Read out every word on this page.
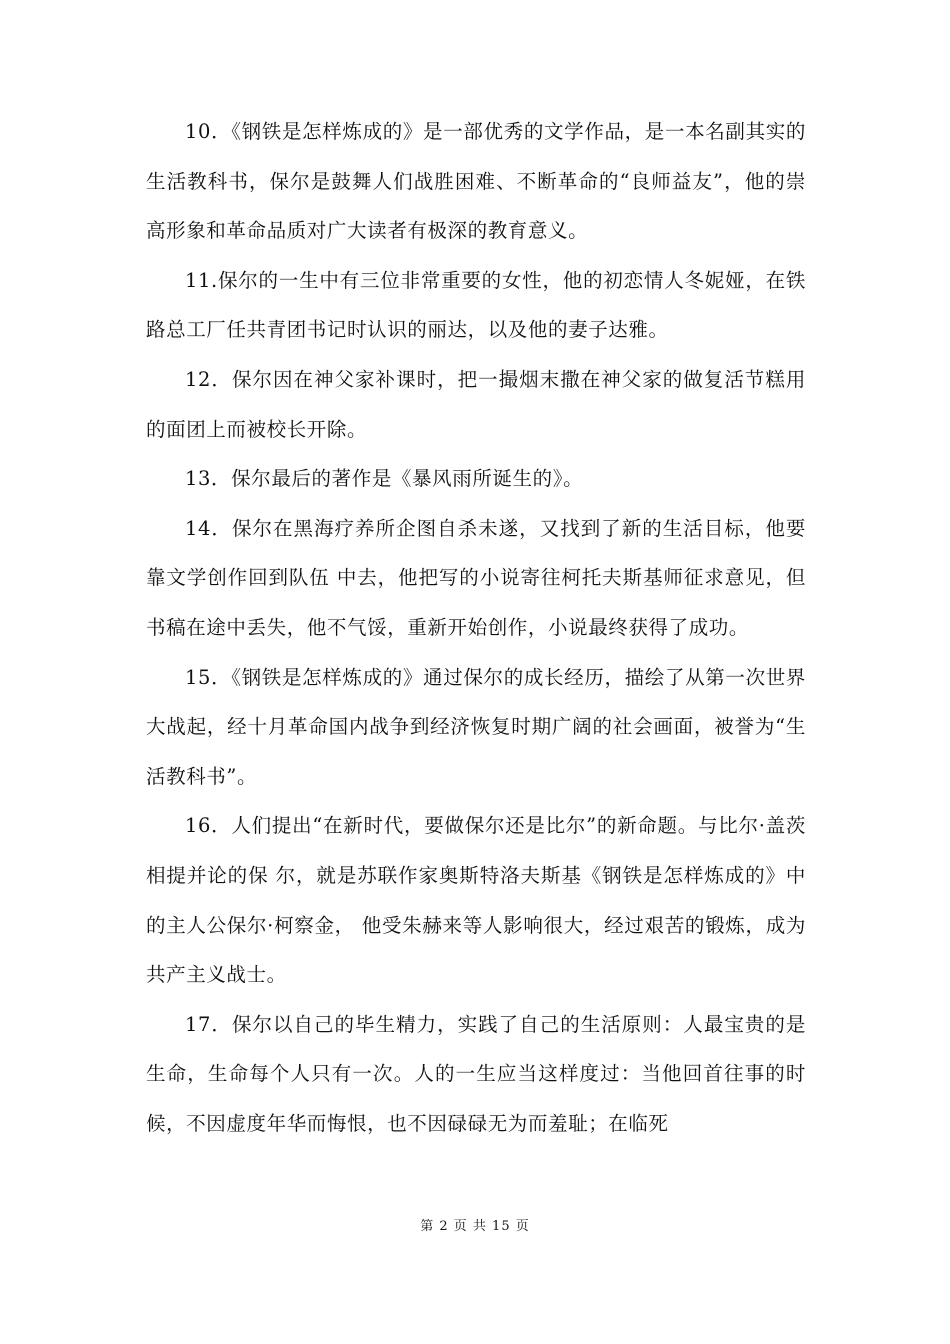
10．《钢铁是怎样炼成的》是一部优秀的文学作品，是一本名副其实的生活教科书，保尔是鼓舞人们战胜困难、不断革命的“良师益友”，他的崇高形象和革命品质对广大读者有极深的教育意义。

11.保尔的一生中有三位非常重要的女性，他的初恋情人冬妮娅，在铁路总工厂任共青团书记时认识的丽达，以及他的妻子达雅。

12．保尔因在神父家补课时，把一撮烟末撒在神父家的做复活节糕用的面团上而被校长开除。

13．保尔最后的著作是《暴风雨所诞生的》。

14．保尔在黑海疗养所企图自杀未遂，又找到了新的生活目标，他要靠文学创作回到队伍 中去，他把写的小说寄往柯托夫斯基师征求意见，但书稿在途中丢失，他不气馁，重新开始创作，小说最终获得了成功。

15．《钢铁是怎样炼成的》通过保尔的成长经历，描绘了从第一次世界大战起，经十月革命国内战争到经济恢复时期广阔的社会画面，被誉为“生活教科书”。

16．人们提出“在新时代，要做保尔还是比尔”的新命题。与比尔·盖茨相提并论的保 尔，就是苏联作家奥斯特洛夫斯基《钢铁是怎样炼成的》中的主人公保尔·柯察金， 他受朱赫来等人影响很大，经过艰苦的锻炼，成为共产主义战士。

17．保尔以自己的毕生精力，实践了自己的生活原则：人最宝贵的是生命，生命每个人只有一次。人的一生应当这样度过：当他回首往事的时候，不因虚度年华而悔恨，也不因碌碌无为而羞耻；在临死

第 2 页 共 15 页
